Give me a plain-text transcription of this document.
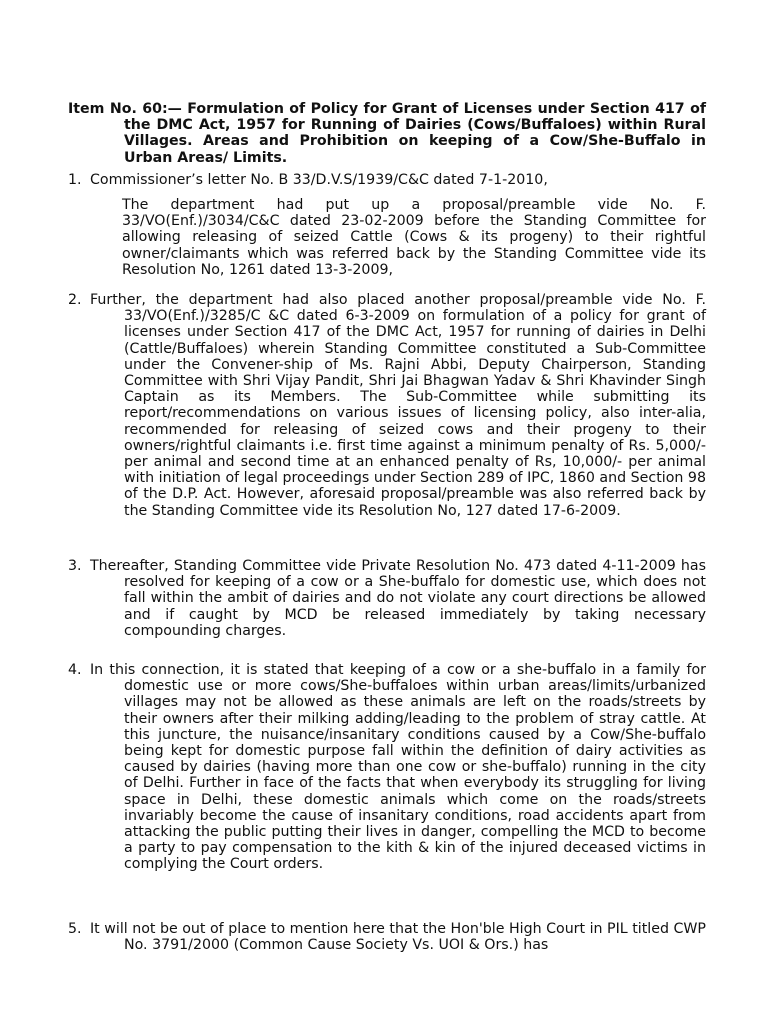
Item No. 60:— Formulation of Policy for Grant of Licenses under Section 417 of the DMC Act, 1957 for Running of Dairies (Cows/Buffaloes) within Rural Villages. Areas and Prohibition on keeping of a Cow/She-Buffalo in Urban Areas/ Limits.
1. Commissioner’s letter No. B 33/D.V.S/1939/C&C dated 7-1-2010,
The department had put up a proposal/preamble vide No. F. 33/VO(Enf.)/3034/C&C dated 23-02-2009 before the Standing Committee for allowing releasing of seized Cattle (Cows & its progeny) to their rightful owner/claimants which was referred back by the Standing Committee vide its Resolution No, 1261 dated 13-3-2009,
2. Further, the department had also placed another proposal/preamble vide No. F. 33/VO(Enf.)/3285/C &C dated 6-3-2009 on formulation of a policy for grant of licenses under Section 417 of the DMC Act, 1957 for running of dairies in Delhi (Cattle/Buffaloes) wherein Standing Committee constituted a Sub-Committee under the Convener-ship of Ms. Rajni Abbi, Deputy Chairperson, Standing Committee with Shri Vijay Pandit, Shri Jai Bhagwan Yadav & Shri Khavinder Singh Captain as its Members. The Sub-Committee while submitting its report/recommendations on various issues of licensing policy, also inter-alia, recommended for releasing of seized cows and their progeny to their owners/rightful claimants i.e. first time against a minimum penalty of Rs. 5,000/- per animal and second time at an enhanced penalty of Rs, 10,000/- per animal with initiation of legal proceedings under Section 289 of IPC, 1860 and Section 98 of the D.P. Act. However, aforesaid proposal/preamble was also referred back by the Standing Committee vide its Resolution No, 127 dated 17-6-2009.
3. Thereafter, Standing Committee vide Private Resolution No. 473 dated 4-11-2009 has resolved for keeping of a cow or a She-buffalo for domestic use, which does not fall within the ambit of dairies and do not violate any court directions be allowed and if caught by MCD be released immediately by taking necessary compounding charges.
4. In this connection, it is stated that keeping of a cow or a she-buffalo in a family for domestic use or more cows/She-buffaloes within urban areas/limits/urbanized villages may not be allowed as these animals are left on the roads/streets by their owners after their milking adding/leading to the problem of stray cattle. At this juncture, the nuisance/insanitary conditions caused by a Cow/She-buffalo being kept for domestic purpose fall within the definition of dairy activities as caused by dairies (having more than one cow or she-buffalo) running in the city of Delhi. Further in face of the facts that when everybody its struggling for living space in Delhi, these domestic animals which come on the roads/streets invariably become the cause of insanitary conditions, road accidents apart from attacking the public putting their lives in danger, compelling the MCD to become a party to pay compensation to the kith & kin of the injured deceased victims in complying the Court orders.
5. It will not be out of place to mention here that the Hon'ble High Court in PIL titled CWP No. 3791/2000 (Common Cause Society Vs. UOI & Ors.) has
